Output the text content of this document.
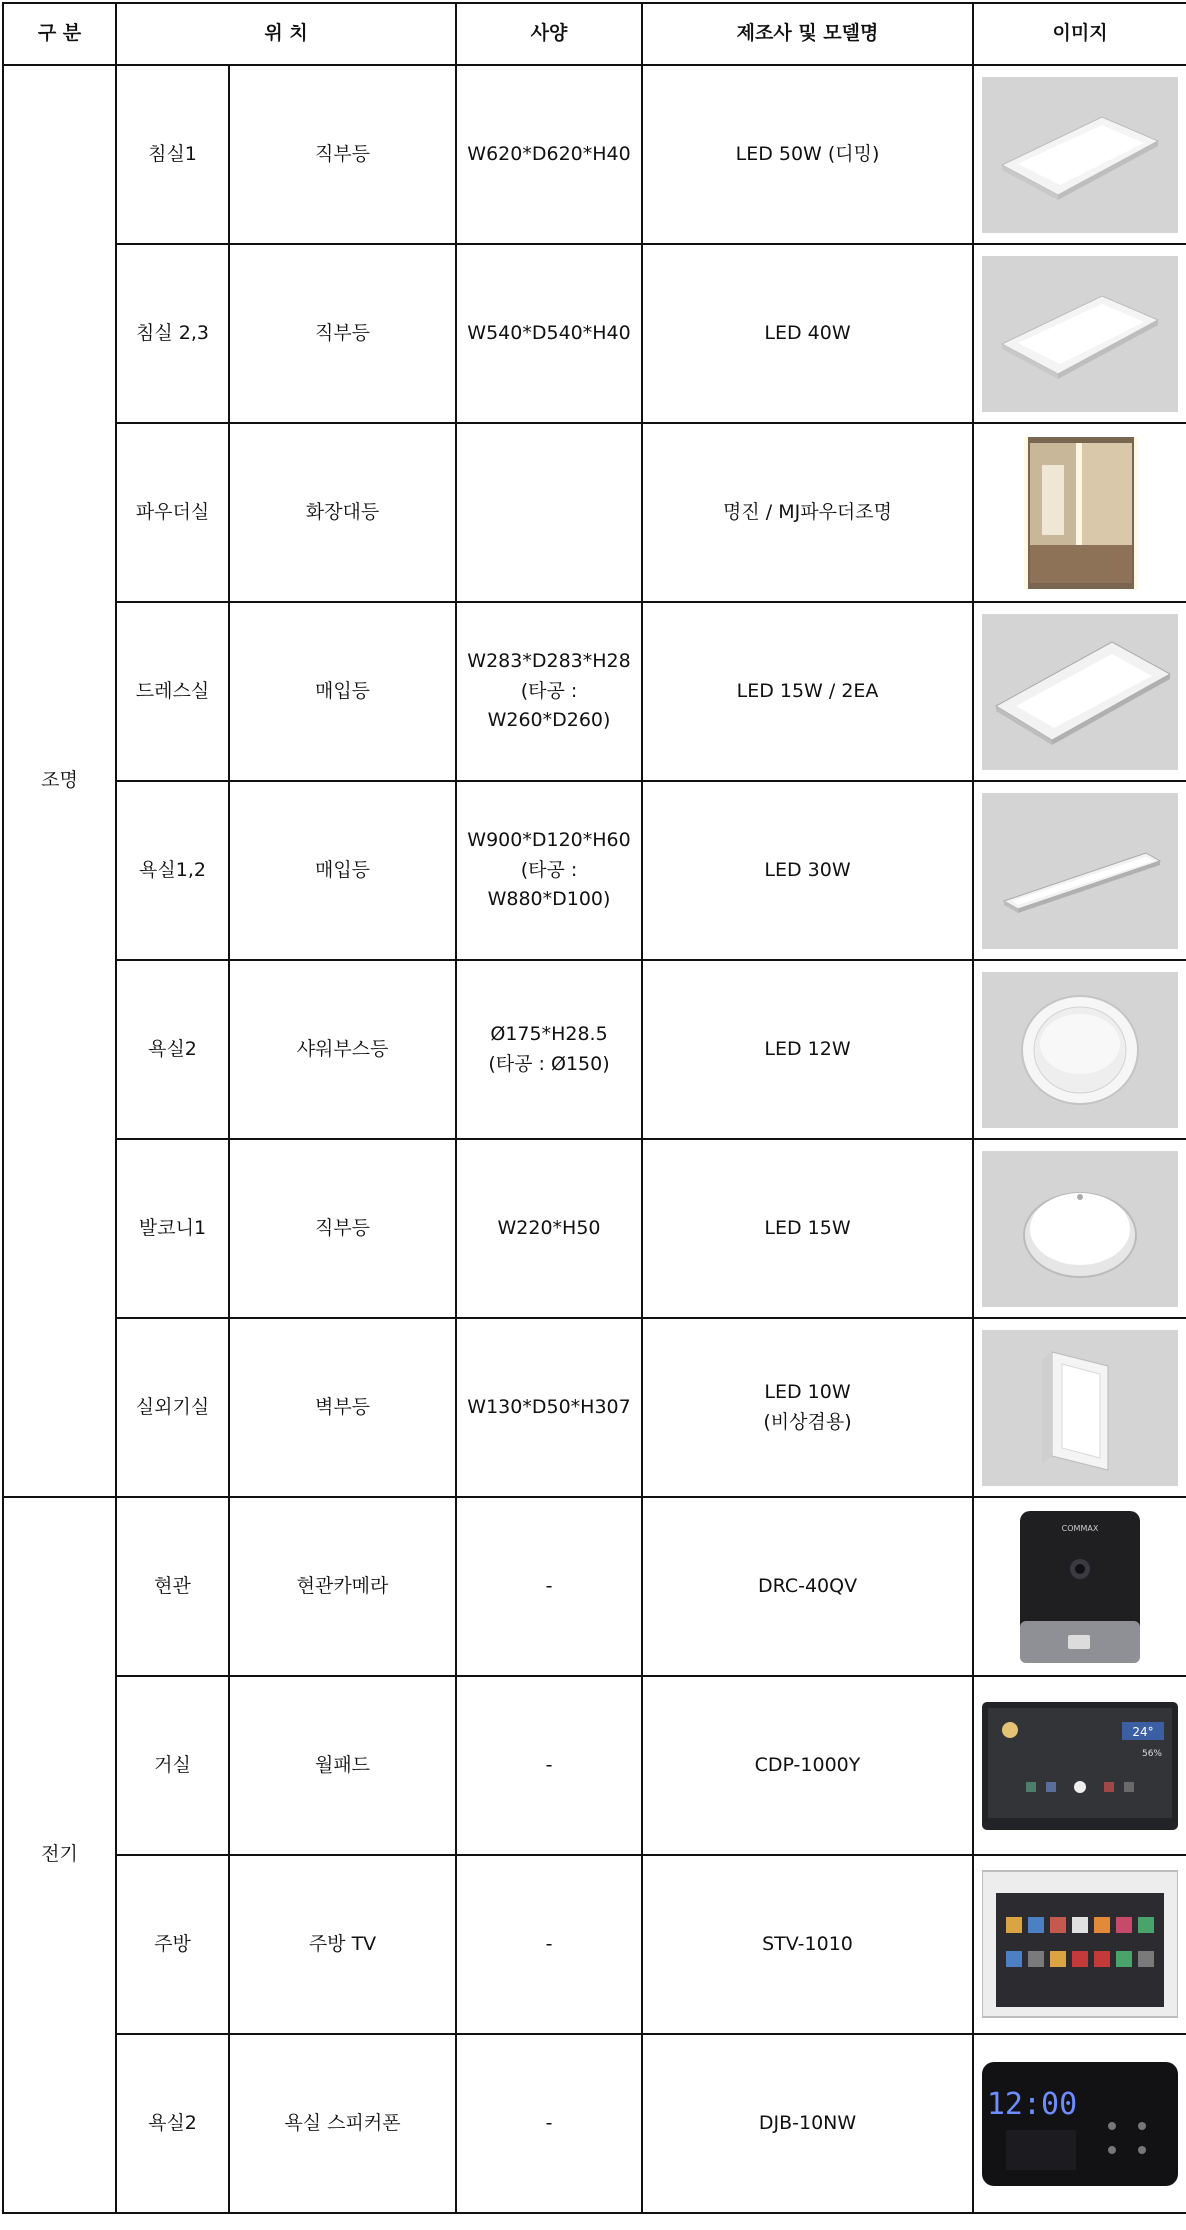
구 분	위 치		사양	제조사 및 모델명	이미지
조명	침실1	직부등	W620*D620*H40	LED 50W (디밍)	

	침실 2,3	직부등	W540*D540*H40	LED 40W	

	파우더실	화장대등		명진 / MJ파우더조명	

	드레스실	매입등	W283*D283*H28
(타공 :
W260*D260)	LED 15W / 2EA	

	욕실1,2	매입등	W900*D120*H60
(타공 :
W880*D100)	LED 30W	

	욕실2	샤워부스등	Ø175*H28.5
(타공 : Ø150)	LED 12W	

	발코니1	직부등	W220*H50	LED 15W	

	실외기실	벽부등	W130*D50*H307	LED 10W
(비상겸용)	

전기	현관	현관카메라	-	DRC-40QV	COMMAX

	거실	월패드	-	CDP-1000Y	24°
56%

	주방	주방 TV	-	STV-1010	

	욕실2	욕실 스피커폰	-	DJB-10NW	12:00
